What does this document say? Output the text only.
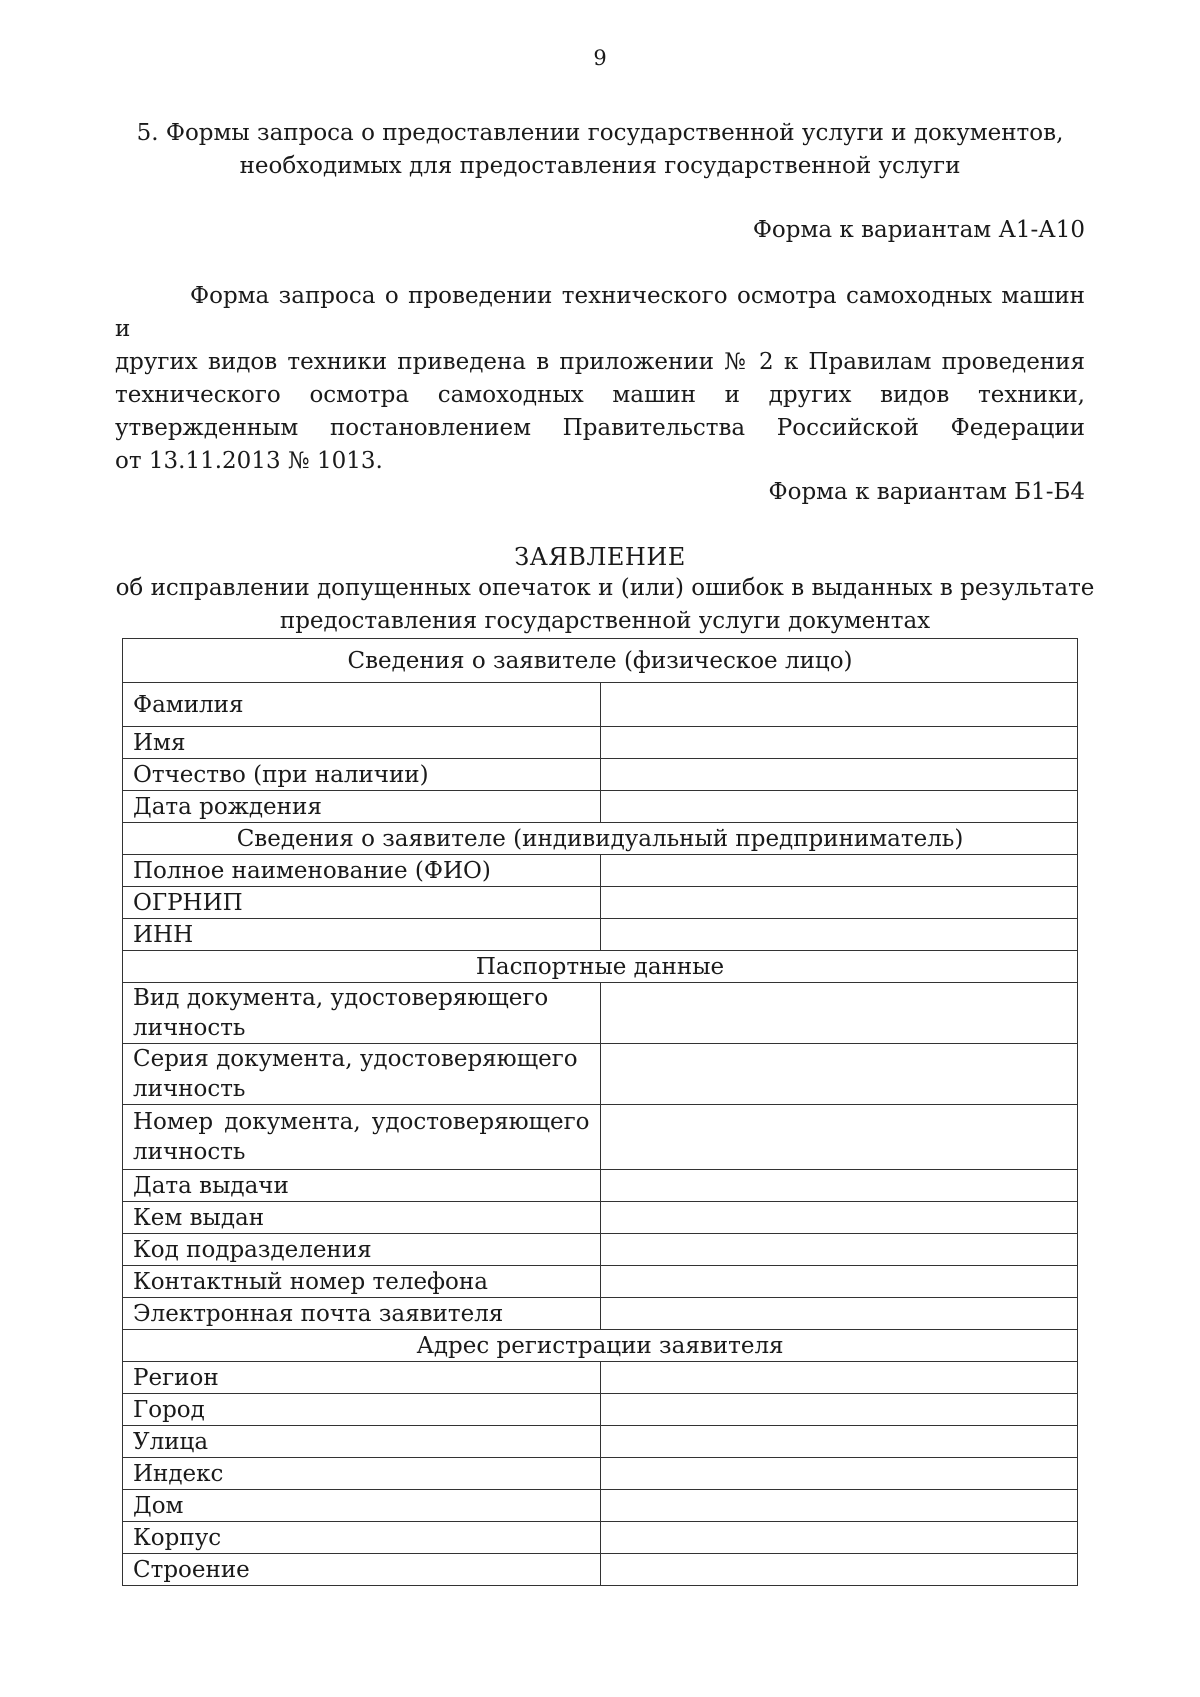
9
5. Формы запроса о предоставлении государственной услуги и документов,
необходимых для предоставления государственной услуги
Форма к вариантам А1-А10
Форма запроса о проведении технического осмотра самоходных машин и
других видов техники приведена в приложении № 2 к Правилам проведения
технического осмотра самоходных машин и других видов техники,
утвержденным постановлением Правительства Российской Федерации
от 13.11.2013 № 1013.
Форма к вариантам Б1-Б4
ЗАЯВЛЕНИЕ
об исправлении допущенных опечаток и (или) ошибок в выданных в результате
предоставления государственной услуги документах
Сведения о заявителе (физическое лицо)	
Фамилия	
Имя	
Отчество (при наличии)	
Дата рождения	
Сведения о заявителе (индивидуальный предприниматель)	
Полное наименование (ФИО)	
ОГРНИП	
ИНН	
Паспортные данные	
Вид документа, удостоверяющего личность	
Серия документа, удостоверяющего личность	
Номер документа, удостоверяющего личность	
Дата выдачи	
Кем выдан	
Код подразделения	
Контактный номер телефона	
Электронная почта заявителя	
Адрес регистрации заявителя	
Регион	
Город	
Улица	
Индекс	
Дом	
Корпус	
Строение	
